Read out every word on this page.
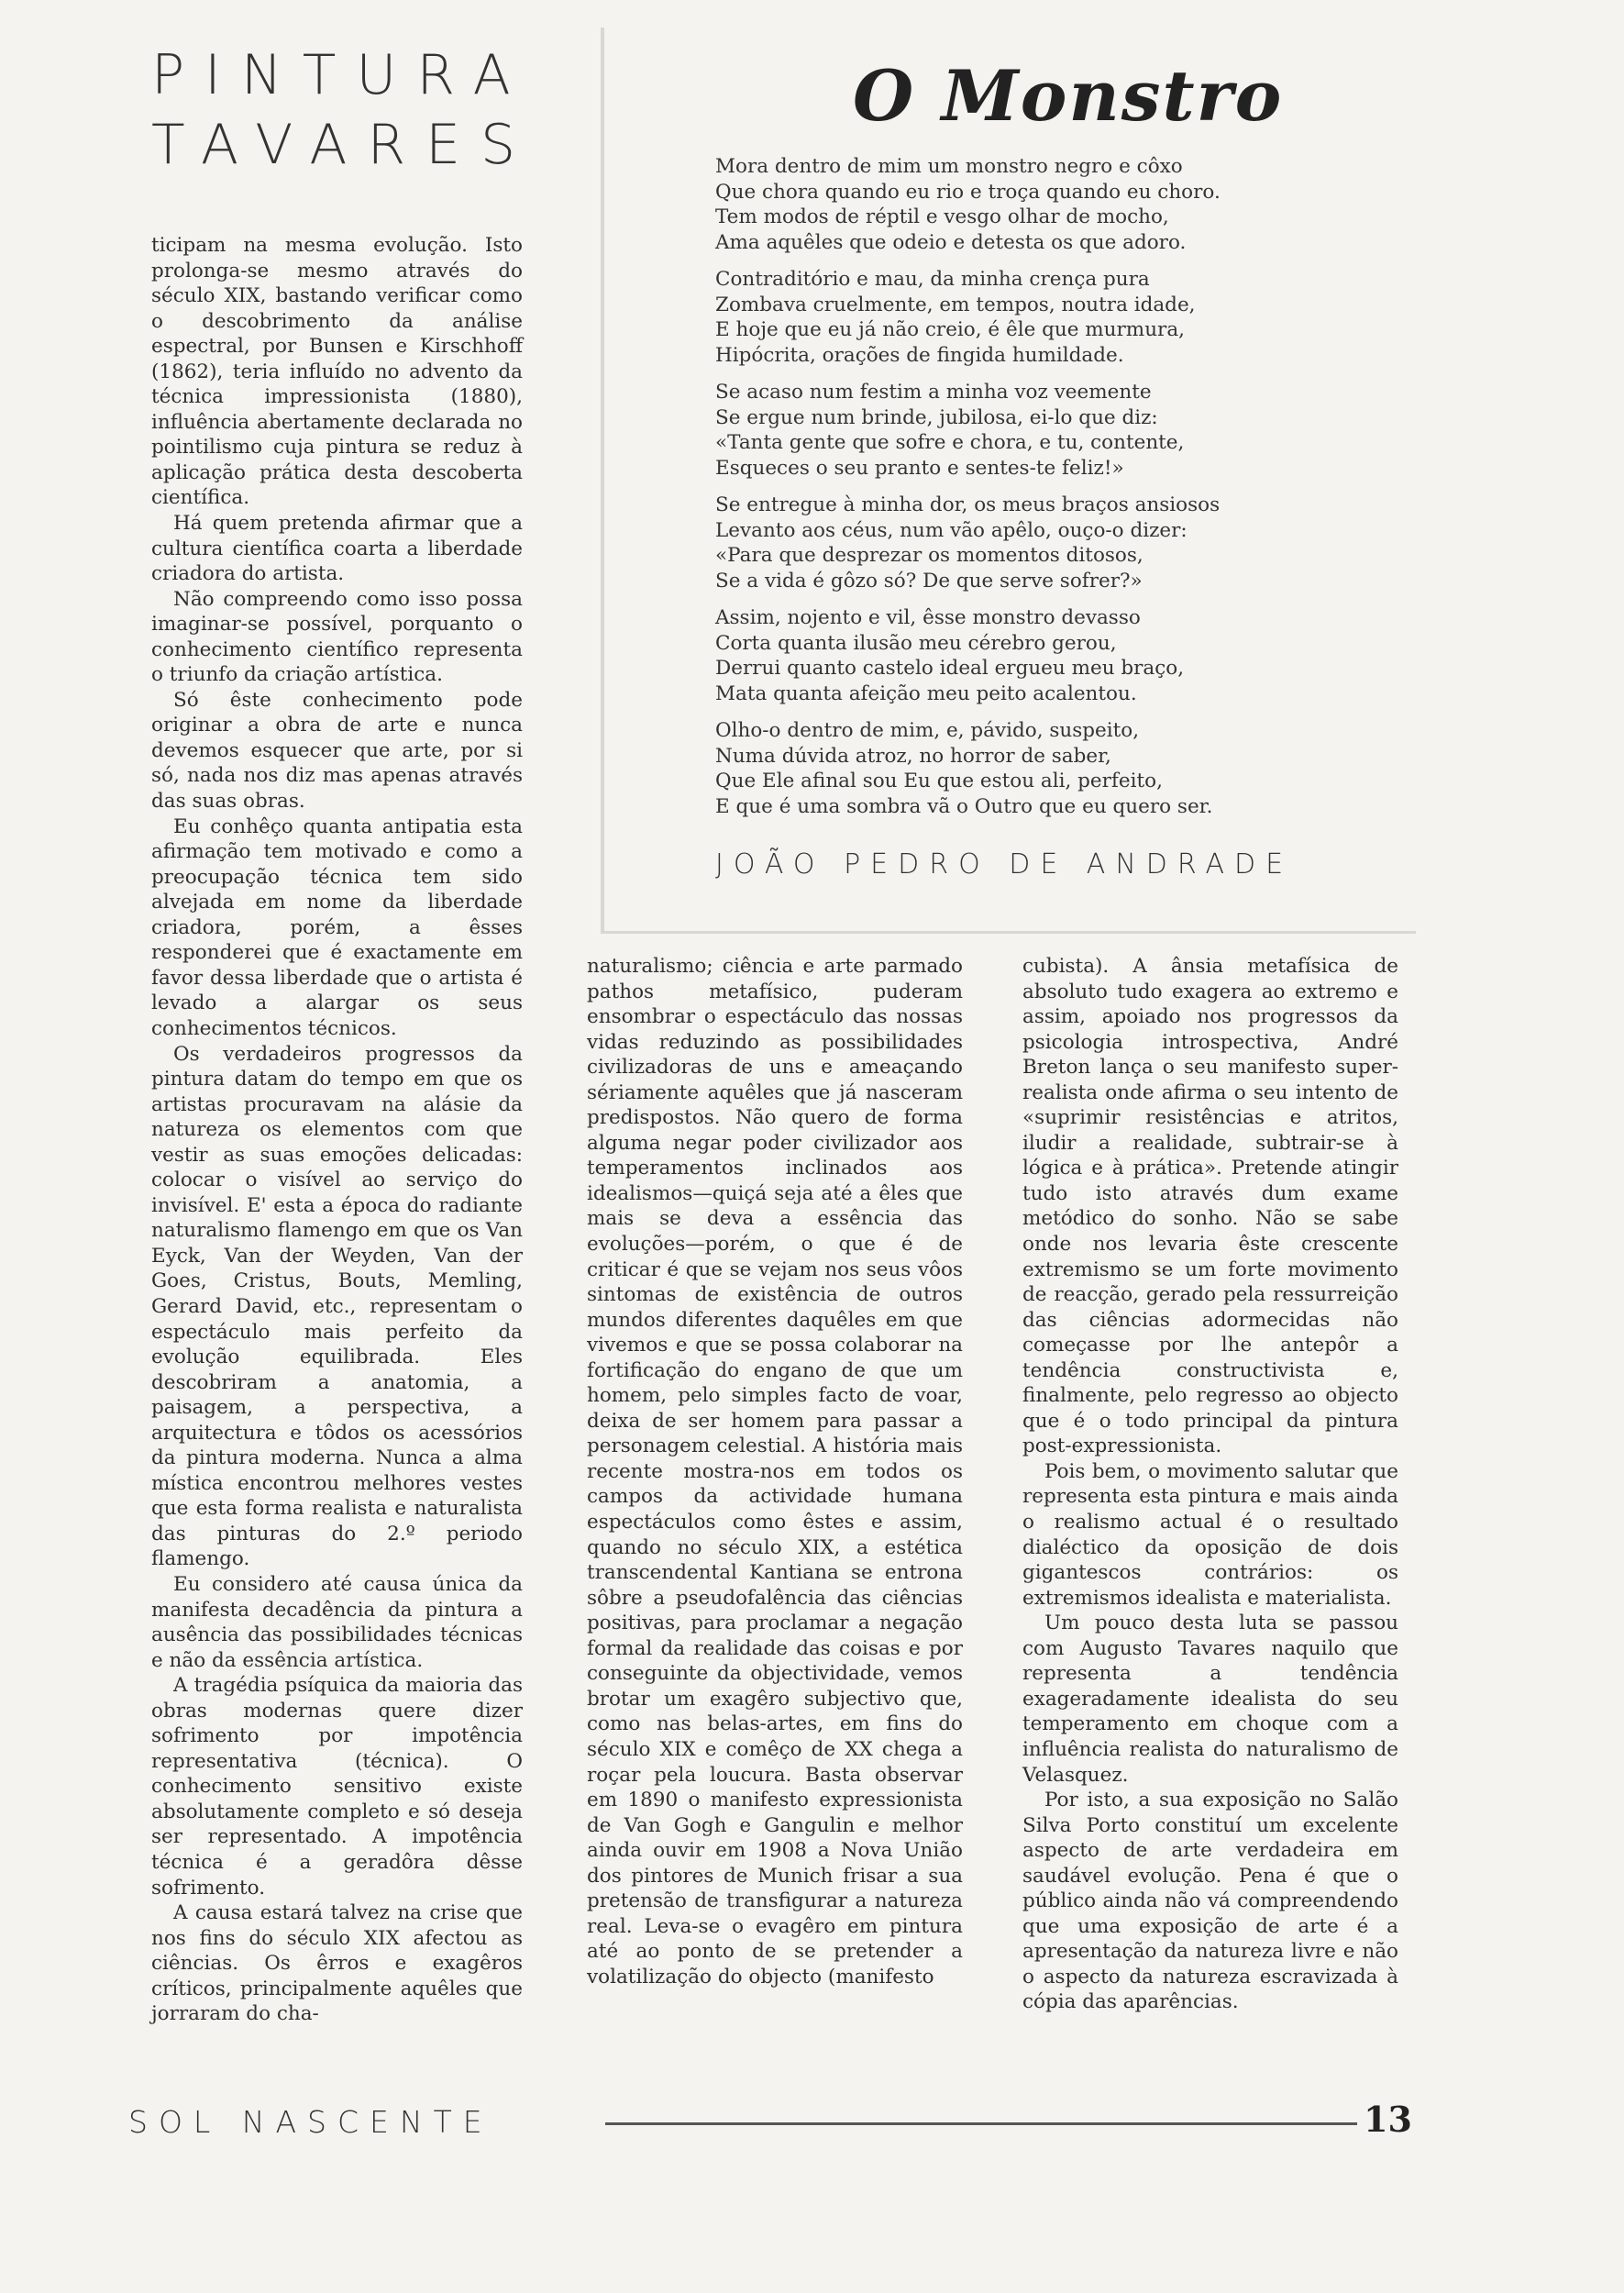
PINTURA
TAVARES
O Monstro
Mora dentro de mim um monstro negro e côxo
Que chora quando eu rio e troça quando eu choro.
Tem modos de réptil e vesgo olhar de mocho,
Ama aquêles que odeio e detesta os que adoro.
Contraditório e mau, da minha crença pura
Zombava cruelmente, em tempos, noutra idade,
E hoje que eu já não creio, é êle que murmura,
Hipócrita, orações de fingida humildade.
Se acaso num festim a minha voz veemente
Se ergue num brinde, jubilosa, ei-lo que diz:
«Tanta gente que sofre e chora, e tu, contente,
Esqueces o seu pranto e sentes-te feliz!»
Se entregue à minha dor, os meus braços ansiosos
Levanto aos céus, num vão apêlo, ouço-o dizer:
«Para que desprezar os momentos ditosos,
Se a vida é gôzo só? De que serve sofrer?»
Assim, nojento e vil, êsse monstro devasso
Corta quanta ilusão meu cérebro gerou,
Derrui quanto castelo ideal ergueu meu braço,
Mata quanta afeição meu peito acalentou.
Olho-o dentro de mim, e, pávido, suspeito,
Numa dúvida atroz, no horror de saber,
Que Ele afinal sou Eu que estou ali, perfeito,
E que é uma sombra vã o Outro que eu quero ser.
JOÃO PEDRO DE ANDRADE

ticipam na mesma evolução. Isto prolonga-se mesmo através do século XIX, bastando verificar como o descobrimento da análise espectral, por Bunsen e Kirschhoff (1862), teria influído no advento da técnica impressionista (1880), influência abertamente declarada no pointilismo cuja pintura se reduz à aplicação prática desta descoberta científica.

Há quem pretenda afirmar que a cultura científica coarta a liberdade criadora do artista.

Não compreendo como isso possa imaginar-se possível, porquanto o conhecimento científico representa o triunfo da criação artística.

Só êste conhecimento pode originar a obra de arte e nunca devemos esquecer que arte, por si só, nada nos diz mas apenas através das suas obras.

Eu conhêço quanta antipatia esta afirmação tem motivado e como a preocupação técnica tem sido alvejada em nome da liberdade criadora, porém, a êsses responderei que é exactamente em favor dessa liberdade que o artista é levado a alargar os seus conhecimentos técnicos.

Os verdadeiros progressos da pintura datam do tempo em que os artistas procuravam na alásie da natureza os elementos com que vestir as suas emoções delicadas: colocar o visível ao serviço do invisível. E' esta a época do radiante naturalismo flamengo em que os Van Eyck, Van der Weyden, Van der Goes, Cristus, Bouts, Memling, Gerard David, etc., representam o espectáculo mais perfeito da evolução equilibrada. Eles descobriram a anatomia, a paisagem, a perspectiva, a arquitectura e tôdos os acessórios da pintura moderna. Nunca a alma mística encontrou melhores vestes que esta forma realista e naturalista das pinturas do 2.º periodo flamengo.

Eu considero até causa única da manifesta decadência da pintura a ausência das possibilidades técnicas e não da essência artística.

A tragédia psíquica da maioria das obras modernas quere dizer sofrimento por impotência representativa (técnica). O conhecimento sensitivo existe absolutamente completo e só deseja ser representado. A impotência técnica é a geradôra dêsse sofrimento.

A causa estará talvez na crise que nos fins do século XIX afectou as ciências. Os êrros e exagêros críticos, principalmente aquêles que jorraram do cha-

naturalismo; ciência e arte parmado pathos metafísico, puderam ensombrar o espectáculo das nossas vidas reduzindo as possibilidades civilizadoras de uns e ameaçando sériamente aquêles que já nasceram predispostos. Não quero de forma alguma negar poder civilizador aos temperamentos inclinados aos idealismos—quiçá seja até a êles que mais se deva a essência das evoluções—porém, o que é de criticar é que se vejam nos seus vôos sintomas de existência de outros mundos diferentes daquêles em que vivemos e que se possa colaborar na fortificação do engano de que um homem, pelo simples facto de voar, deixa de ser homem para passar a personagem celestial. A história mais recente mostra-nos em todos os campos da actividade humana espectáculos como êstes e assim, quando no século XIX, a estética transcendental Kantiana se entrona sôbre a pseudofalência das ciências positivas, para proclamar a negação formal da realidade das coisas e por conseguinte da objectividade, vemos brotar um exagêro subjectivo que, como nas belas-artes, em fins do século XIX e comêço de XX chega a roçar pela loucura. Basta observar em 1890 o manifesto expressionista de Van Gogh e Gangulin e melhor ainda ouvir em 1908 a Nova União dos pintores de Munich frisar a sua pretensão de transfigurar a natureza real. Leva-se o evagêro em pintura até ao ponto de se pretender a volatilização do objecto (manifesto

cubista). A ânsia metafísica de absoluto tudo exagera ao extremo e assim, apoiado nos progressos da psicologia introspectiva, André Breton lança o seu manifesto super-realista onde afirma o seu intento de «suprimir resistências e atritos, iludir a realidade, subtrair-se à lógica e à prática». Pretende atingir tudo isto através dum exame metódico do sonho. Não se sabe onde nos levaria êste crescente extremismo se um forte movimento de reacção, gerado pela ressurreição das ciências adormecidas não começasse por lhe antepôr a tendência constructivista e, finalmente, pelo regresso ao objecto que é o todo principal da pintura post-expressionista.

Pois bem, o movimento salutar que representa esta pintura e mais ainda o realismo actual é o resultado dialéctico da oposição de dois gigantescos contrários: os extremismos idealista e materialista.

Um pouco desta luta se passou com Augusto Tavares naquilo que representa a tendência exageradamente idealista do seu temperamento em choque com a influência realista do naturalismo de Velasquez.

Por isto, a sua exposição no Salão Silva Porto constituí um excelente aspecto de arte verdadeira em saudável evolução. Pena é que o público ainda não vá compreendendo que uma exposição de arte é a apresentação da natureza livre e não o aspecto da natureza escravizada à cópia das aparências.

SOL NASCENTE	13
